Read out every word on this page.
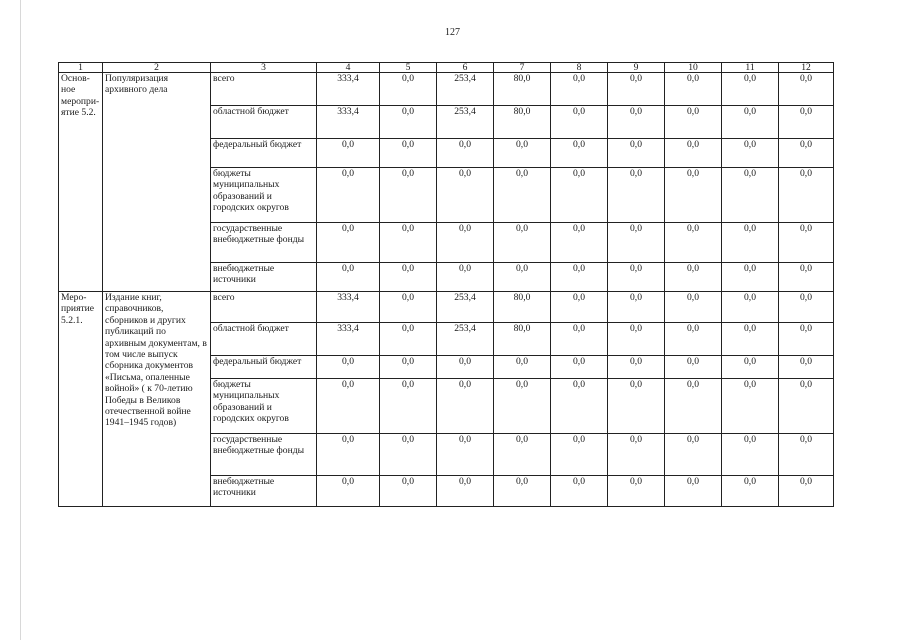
127
1	2	3	4	5	6	7	8	9	10	11	12
Основ-ное меропри-ятие 5.2.	Популяризация архивного дела	всего	333,4	0,0	253,4	80,0	0,0	0,0	0,0	0,0	0,0
		областной бюджет	333,4	0,0	253,4	80,0	0,0	0,0	0,0	0,0	0,0
		федеральный бюджет	0,0	0,0	0,0	0,0	0,0	0,0	0,0	0,0	0,0
		бюджеты муниципальных образований и городских округов	0,0	0,0	0,0	0,0	0,0	0,0	0,0	0,0	0,0
		государственные внебюджетные фонды	0,0	0,0	0,0	0,0	0,0	0,0	0,0	0,0	0,0
		внебюджетные источники	0,0	0,0	0,0	0,0	0,0	0,0	0,0	0,0	0,0
Меро-приятие 5.2.1.	Издание книг, справочников, сборников и других публикаций по архивным документам, в том числе выпуск сборника документов «Письма, опаленные войной» ( к 70-летию Победы в Великов отечественной войне 1941–1945 годов)	всего	333,4	0,0	253,4	80,0	0,0	0,0	0,0	0,0	0,0
		областной бюджет	333,4	0,0	253,4	80,0	0,0	0,0	0,0	0,0	0,0
		федеральный бюджет	0,0	0,0	0,0	0,0	0,0	0,0	0,0	0,0	0,0
		бюджеты муниципальных образований и городских округов	0,0	0,0	0,0	0,0	0,0	0,0	0,0	0,0	0,0
		государственные внебюджетные фонды	0,0	0,0	0,0	0,0	0,0	0,0	0,0	0,0	0,0
		внебюджетные источники	0,0	0,0	0,0	0,0	0,0	0,0	0,0	0,0	0,0
